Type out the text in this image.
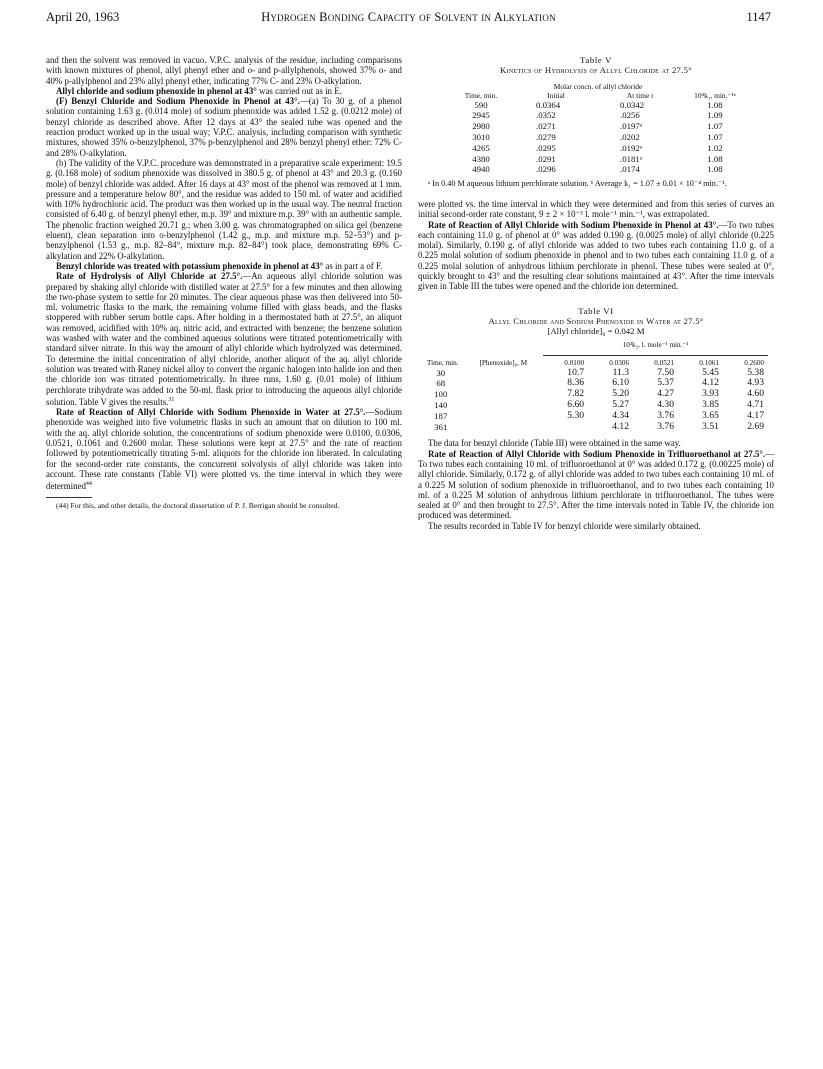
April 20, 1963	Hydrogen Bonding Capacity of Solvent in Alkylation	1147

and then the solvent was removed in vacuo. V.P.C. analysis of the residue, including comparisons with known mixtures of phenol, allyl phenyl ether and o- and p-allylphenols, showed 37% o- and 40% p-allylphenol and 23% allyl phenyl ether, indicating 77% C- and 23% O-alkylation.

Allyl chloride and sodium phenoxide in phenol at 43° was carried out as in E.

(F) Benzyl Chloride and Sodium Phenoxide in Phenol at 43°.—(a) To 30 g. of a phenol solution containing 1.63 g. (0.014 mole) of sodium phenoxide was added 1.52 g. (0.0212 mole) of benzyl chloride as described above. After 12 days at 43° the sealed tube was opened and the reaction product worked up in the usual way; V.P.C. analysis, including comparison with synthetic mixtures, showed 35% o-benzylphenol, 37% p-benzylphenol and 28% benzyl phenyl ether: 72% C- and 28% O-alkylation.

(b) The validity of the V.P.C. procedure was demonstrated in a preparative scale experiment: 19.5 g. (0.168 mole) of sodium phenoxide was dissolved in 380.5 g. of phenol at 43° and 20.3 g. (0.160 mole) of benzyl chloride was added. After 16 days at 43° most of the phenol was removed at 1 mm. pressure and a temperature below 80°, and the residue was added to 150 ml. of water and acidified with 10% hydrochloric acid. The product was then worked up in the usual way. The neutral fraction consisted of 6.40 g. of benzyl phenyl ether, m.p. 39° and mixture m.p. 39° with an authentic sample. The phenolic fraction weighed 20.71 g.; when 3.00 g. was chromatographed on silica gel (benzene eluent), clean separation into o-benzylphenol (1.42 g., m.p. and mixture m.p. 52–53°) and p-benzylphenol (1.53 g., m.p. 82–84°, mixture m.p. 82–84°) took place, demonstrating 69% C-alkylation and 22% O-alkylation.

Benzyl chloride was treated with potassium phenoxide in phenol at 43° as in part a of F.

Rate of Hydrolysis of Allyl Chloride at 27.5°.—An aqueous allyl chloride solution was prepared by shaking allyl chloride with distilled water at 27.5° for a few minutes and then allowing the two-phase system to settle for 20 minutes. The clear aqueous phase was then delivered into 50-ml. volumetric flasks to the mark, the remaining volume filled with glass beads, and the flasks stoppered with rubber serum bottle caps. After holding in a thermostated bath at 27.5°, an aliquot was removed, acidified with 10% aq. nitric acid, and extracted with benzene; the benzene solution was washed with water and the combined aqueous solutions were titrated potentiometrically with standard silver nitrate. In this way the amount of allyl chloride which hydrolyzed was determined. To determine the initial concentration of allyl chloride, another aliquot of the aq. allyl chloride solution was treated with Raney nickel alloy to convert the organic halogen into halide ion and then the chloride ion was titrated potentiometrically. In three runs, 1.60 g. (0.01 mole) of lithium perchlorate trihydrate was added to the 50-ml. flask prior to introducing the aqueous allyl chloride solution. Table V gives the results.$^{31}$

Rate of Reaction of Allyl Chloride with Sodium Phenoxide in Water at 27.5°.—Sodium phenoxide was weighed into five volumetric flasks in such an amount that on dilution to 100 ml. with the aq. allyl chloride solution, the concentrations of sodium phenoxide were 0.0100, 0.0306, 0.0521, 0.1061 and 0.2600 molar. These solutions were kept at 27.5° and the rate of reaction followed by potentiometrically titrating 5-ml. aliquots for the chloride ion liberated. In calculating for the second-order rate constants, the concurrent solvolysis of allyl chloride was taken into account. These rate constants (Table VI) were plotted vs. the time interval in which they were determined$^{44}$

(44) For this, and other details, the doctoral dissertation of P. J. Berrigan should be consulted.

Table V

Kinetics of Hydrolysis of Allyl Chloride at 27.5°

Time, min.	Molar concn. of allyl chloride		10⁴k₁, min.⁻¹ᵇ
	Initial	At time t	
590	0.0364	0.0342	1.08
2945	.0352	.0256	1.09
2980	.0271	.0197ᵃ	1.07
3010	.0279	.0202	1.07
4265	.0295	.0192ᵃ	1.02
4380	.0291	.0181ᵃ	1.08
4940	.0296	.0174	1.08

ᵃ In 0.40 M aqueous lithium perchlorate solution. ᵇ Average k₁ = 1.07 ± 0.01 × 10⁻⁴ min.⁻¹.

were plotted vs. the time interval in which they were determined and from this series of curves an initial second-order rate constant, 9 ± 2 × 10⁻³ l. mole⁻¹ min.⁻¹, was extrapolated.

Rate of Reaction of Allyl Chloride with Sodium Phenoxide in Phenol at 43°.—To two tubes each containing 11.0 g. of phenol at 0° was added 0.190 g. (0.0025 mole) of allyl chloride (0.225 molal). Similarly, 0.190 g. of allyl chloride was added to two tubes each containing 11.0 g. of a 0.225 molal solution of sodium phenoxide in phenol and to two tubes each containing 11.0 g. of a 0.225 molal solution of anhydrous lithium perchlorate in phenol. These tubes were sealed at 0°, quickly brought to 43° and the resulting clear solutions maintained at 43°. After the time intervals given in Table III the tubes were opened and the chloride ion determined.

Table VI

Allyl Chloride and Sodium Phenoxide in Water at 27.5°

[Allyl chloride]₀ = 0.042 M

Time, min.	[Phenoxide]₀, M	10³k₂, l. mole⁻¹ min.⁻¹				

		0.0100	0.0306	0.0521	0.1061	0.2600
30		10.7	11.3	7.50	5.45	5.38
68		8.36	6.10	5.37	4.12	4.93
100		7.82	5.20	4.27	3.93	4.60
140		6.60	5.27	4.30	3.85	4.71
187		5.30	4.34	3.76	3.65	4.17
361			4.12	3.76	3.51	2.69

The data for benzyl chloride (Table III) were obtained in the same way.

Rate of Reaction of Allyl Chloride with Sodium Phenoxide in Trifluoroethanol at 27.5°.—To two tubes each containing 10 ml. of trifluoroethanol at 0° was added 0.172 g. (0.00225 mole) of allyl chloride. Similarly, 0.172 g. of allyl chloride was added to two tubes each containing 10 ml. of a 0.225 M solution of sodium phenoxide in trifluoroethanol, and to two tubes each containing 10 ml. of a 0.225 M solution of anhydrous lithium perchlorate in trifluoroethanol. The tubes were sealed at 0° and then brought to 27.5°. After the time intervals noted in Table IV, the chloride ion produced was determined.

The results recorded in Table IV for benzyl chloride were similarly obtained.
